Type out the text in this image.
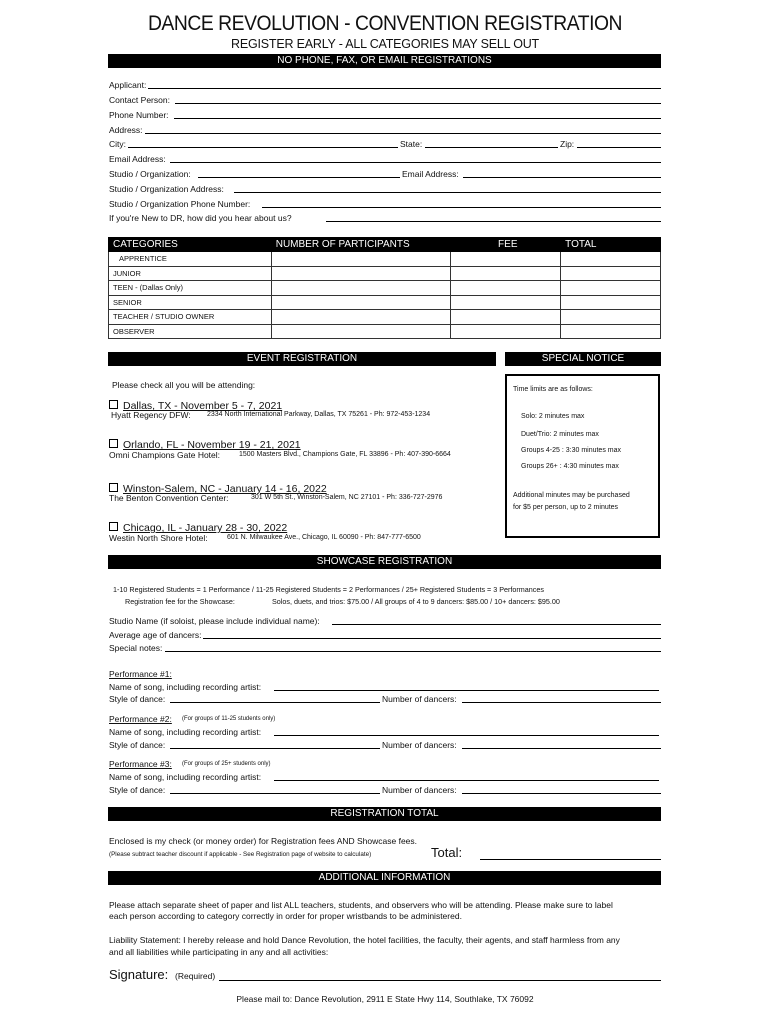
DANCE REVOLUTION - CONVENTION REGISTRATION
REGISTER EARLY - ALL CATEGORIES MAY SELL OUT
NO PHONE, FAX, OR EMAIL REGISTRATIONS
Applicant:
Contact Person:
Phone Number:
Address:
City:	State:	Zip:
Email Address:
Studio / Organization:	Email Address:
Studio / Organization Address:
Studio / Organization Phone Number:
If you're New to DR, how did you hear about us?
CATEGORIES	NUMBER OF PARTICIPANTS	FEE	TOTAL
APPRENTICE			
JUNIOR			
TEEN - (Dallas Only)			
SENIOR			
TEACHER / STUDIO OWNER			
OBSERVER			
EVENT REGISTRATION	SPECIAL NOTICE
Please check all you will be attending:
Dallas, TX - November 5 - 7, 2021
Hyatt Regency DFW: 2334 North International Parkway, Dallas, TX 75261 - Ph: 972-453-1234
Orlando, FL - November 19 - 21, 2021
Omni Champions Gate Hotel:	1500 Masters Blvd., Champions Gate, FL 33896 - Ph: 407-390-6664
Winston-Salem, NC - January 14 - 16, 2022
The Benton Convention Center:	301 W 5th St., Winston-Salem, NC 27101 - Ph: 336-727-2976
Chicago, IL - January 28 - 30, 2022
Westin North Shore Hotel:	601 N. Milwaukee Ave., Chicago, IL 60090 - Ph: 847-777-6500
Time limits are as follows:
Solo: 2 minutes max
Duet/Trio: 2 minutes max
Groups 4-25 : 3:30 minutes max
Groups 26+ : 4:30 minutes max
Additional minutes may be purchased
for $5 per person, up to 2 minutes
SHOWCASE REGISTRATION
1-10 Registered Students = 1 Performance / 11-25 Registered Students = 2 Performances / 25+ Registered Students = 3 Performances
Registration fee for the Showcase:	Solos, duets, and trios: $75.00 / All groups of 4 to 9 dancers: $85.00 / 10+ dancers: $95.00
Studio Name (if soloist, please include individual name):
Average age of dancers:
Special notes:
Performance #1:
Name of song, including recording artist:
Style of dance:	Number of dancers:
Performance #2: (For groups of 11-25 students only)
Name of song, including recording artist:
Style of dance:	Number of dancers:
Performance #3: (For groups of 25+ students only)
Name of song, including recording artist:
Style of dance:	Number of dancers:
REGISTRATION TOTAL
Enclosed is my check (or money order) for Registration fees AND Showcase fees.
(Please subtract teacher discount if applicable - See Registration page of website to calculate)	Total:
ADDITIONAL INFORMATION
Please attach separate sheet of paper and list ALL teachers, students, and observers who will be attending. Please make sure to label
each person according to category correctly in order for proper wristbands to be administered.
Liability Statement: I hereby release and hold Dance Revolution, the hotel facilities, the faculty, their agents, and staff harmless from any
and all liabilities while participating in any and all activities:
Signature: (Required)
Please mail to: Dance Revolution, 2911 E State Hwy 114, Southlake, TX 76092
